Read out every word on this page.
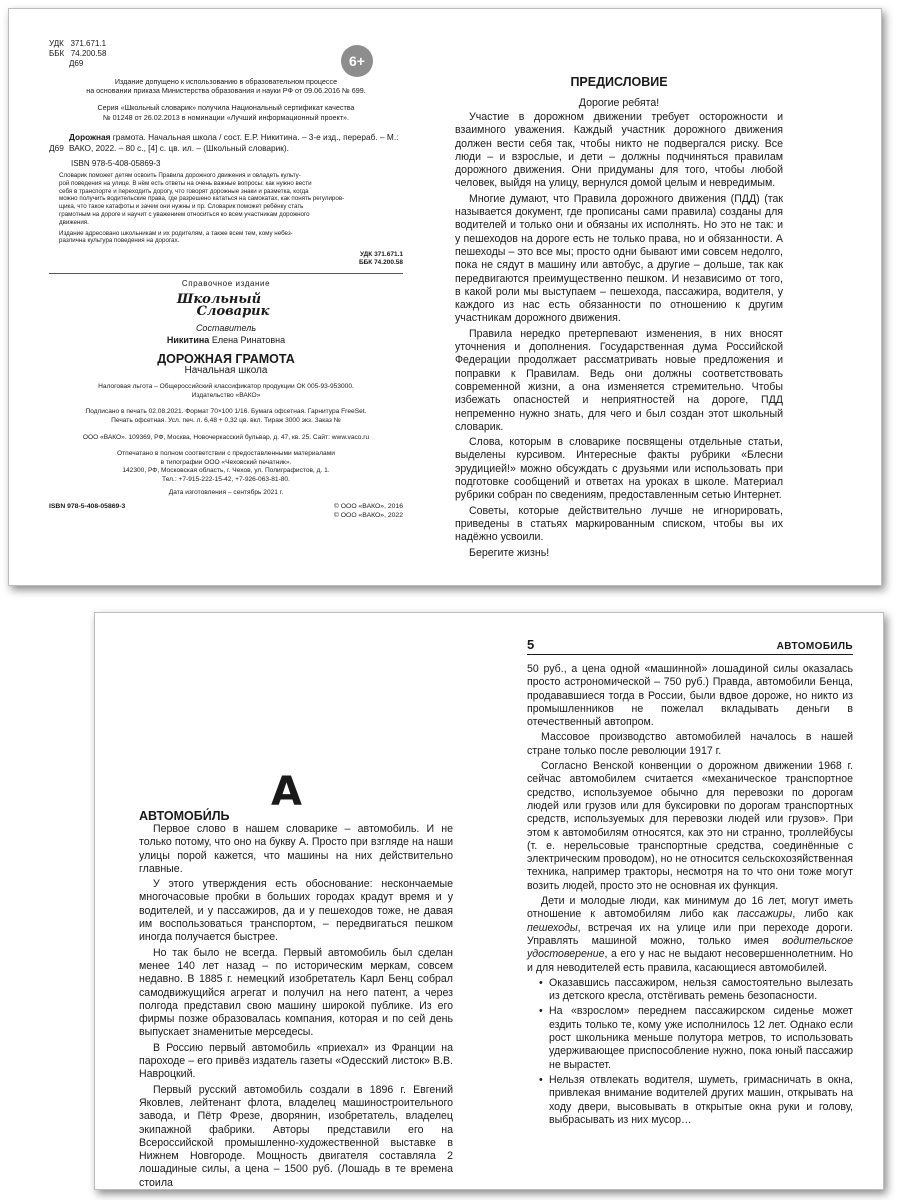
УДК   371.671.1
ББК   74.200.58
Д69	6+
Издание допущено к использованию в образовательном процессе
на основании приказа Министерства образования и науки РФ от 09.06.2016 № 699.
Серия «Школьный словарик» получила Национальный сертификат качества
№ 01248 от 26.02.2013 в номинации «Лучший информационный проект».
Д69
Дорожная грамота. Начальная школа / сост. Е.Р. Никитина. – 3-е изд., перераб. – М.: ВАКО, 2022. – 80 с., [4] с. цв. ил. – (Школьный словарик).
ISBN 978-5-408-05869-3
Словарик поможет детям освоить Правила дорожного движения и овладеть культу-
рой поведения на улице. В нём есть ответы на очень важные вопросы: как нужно вести
себя в транспорте и переходить дорогу, что говорят дорожные знаки и разметка, когда
можно получить водительские права, где разрешено кататься на самокатах, как понять регулиров-
щика, что такое катафоты и зачем они нужны и пр. Словарик поможет ребёнку стать
грамотным на дороге и научит с уважением относиться ко всем участникам дорожного
движения.
Издание адресовано школьникам и их родителям, а также всем тем, кому небез-
различна культура поведения на дорогах.
УДК 371.671.1
ББК 74.200.58
Справочное издание
Школьный
Словарик
Составитель
Никитина Елена Ринатовна
ДОРОЖНАЯ ГРАМОТА
Начальная школа
Налоговая льгота – Общероссийский классификатор продукции ОК 005-93-953000.
Издательство «ВАКО»
Подписано в печать 02.08.2021. Формат 70×100 1/16. Бумага офсетная. Гарнитура FreeSet.
Печать офсетная. Усл. печ. л. 6,48 + 0,32 цв. вкл. Тираж 3000 экз. Заказ №
ООО «ВАКО». 109369, РФ, Москва, Новочеркасский бульвар, д. 47, кв. 25. Сайт: www.vaco.ru
Отпечатано в полном соответствии с предоставленными материалами
в типографии ООО «Чеховский печатник».
142300, РФ, Московская область, г. Чехов, ул. Полиграфистов, д. 1.
Тел.: +7-915-222-15-42, +7-926-063-81-80.
Дата изготовления – сентябрь 2021 г.
ISBN 978-5-408-05869-3	© ООО «ВАКО», 2016
© ООО «ВАКО», 2022
ПРЕДИСЛОВИЕ
Дорогие ребята!

Участие в дорожном движении требует осторожности и взаимного уважения. Каждый участник дорожного движения должен вести себя так, чтобы никто не подвергался риску. Все люди – и взрослые, и дети – должны подчиняться правилам дорожного движения. Они придуманы для того, чтобы любой человек, выйдя на улицу, вернулся домой целым и невредимым.

Многие думают, что Правила дорожного движения (ПДД) (так называется документ, где прописаны сами правила) созданы для водителей и только они и обязаны их исполнять. Но это не так: и у пешеходов на дороге есть не только права, но и обязанности. А пешеходы – это все мы; просто одни бывают ими совсем недолго, пока не сядут в машину или автобус, а другие – дольше, так как передвигаются преимущественно пешком. И независимо от того, в какой роли мы выступаем – пешехода, пассажира, водителя, у каждого из нас есть обязанности по отношению к другим участникам дорожного движения.

Правила нередко претерпевают изменения, в них вносят уточнения и дополнения. Государственная дума Российской Федерации продолжает рассматривать новые предложения и поправки к Правилам. Ведь они должны соответствовать современной жизни, а она изменяется стремительно. Чтобы избежать опасностей и неприятностей на дороге, ПДД непременно нужно знать, для чего и был создан этот школьный словарик.

Слова, которым в словарике посвящены отдельные статьи, выделены курсивом. Интересные факты рубрики «Блесни эрудицией!» можно обсуждать с друзьями или использовать при подготовке сообщений и ответах на уроках в школе. Материал рубрики собран по сведениям, предоставленным сетью Интернет.

Советы, которые действительно лучше не игнорировать, приведены в статьях маркированным списком, чтобы вы их надёжно усвоили.

Берегите жизнь!

А
АВТОМОБИ́ЛЬ

Первое слово в нашем словарике – автомобиль. И не только потому, что оно на букву А. Просто при взгляде на наши улицы порой кажется, что машины на них действительно главные.

У этого утверждения есть обоснование: нескончаемые многочасовые пробки в больших городах крадут время и у водителей, и у пассажиров, да и у пешеходов тоже, не давая им воспользоваться транспортом, – передвигаться пешком иногда получается быстрее.

Но так было не всегда. Первый автомобиль был сделан менее 140 лет назад – по историческим меркам, совсем недавно. В 1885 г. немецкий изобретатель Карл Бенц собрал самодвижущийся агрегат и получил на него патент, а через полгода представил свою машину широкой публике. Из его фирмы позже образовалась компания, которая и по сей день выпускает знаменитые мерседесы.

В Россию первый автомобиль «приехал» из Франции на пароходе – его привёз издатель газеты «Одесский листок» В.В. Навроцкий.

Первый русский автомобиль создали в 1896 г. Евгений Яковлев, лейтенант флота, владелец машиностроительного завода, и Пётр Фрезе, дворянин, изобретатель, владелец экипажной фабрики. Авторы представили его на Всероссийской промышленно-художественной выставке в Нижнем Новгороде. Мощность двигателя составляла 2 лошадиные силы, а цена – 1500 руб. (Лошадь в те времена стоила

5	АВТОМОБИЛЬ

50 руб., а цена одной «машинной» лошадиной силы оказалась просто астрономической – 750 руб.) Правда, автомобили Бенца, продававшиеся тогда в России, были вдвое дороже, но никто из промышленников не пожелал вкладывать деньги в отечественный автопром.

Массовое производство автомобилей началось в нашей стране только после революции 1917 г.

Согласно Венской конвенции о дорожном движении 1968 г. сейчас автомобилем считается «механическое транспортное средство, используемое обычно для перевозки по дорогам людей или грузов или для буксировки по дорогам транспортных средств, используемых для перевозки людей или грузов». При этом к автомобилям относятся, как это ни странно, троллейбусы (т. е. нерельсовые транспортные средства, соединённые с электрическим проводом), но не относится сельскохозяйственная техника, например тракторы, несмотря на то что они тоже могут возить людей, просто это не основная их функция.

Дети и молодые люди, как минимум до 16 лет, могут иметь отношение к автомобилям либо как пассажиры, либо как пешеходы, встречая их на улице или при переходе дороги. Управлять машиной можно, только имея водительское удостоверение, а его у нас не выдают несовершеннолетним. Но и для неводителей есть правила, касающиеся автомобилей.

• Оказавшись пассажиром, нельзя самостоятельно вылезать из детского кресла, отстёгивать ремень безопасности.
• На «взрослом» переднем пассажирском сиденье может ездить только те, кому уже исполнилось 12 лет. Однако если рост школьника меньше полутора метров, то использовать удерживающее приспособление нужно, пока юный пассажир не вырастет.
• Нельзя отвлекать водителя, шуметь, гримасничать в окна, привлекая внимание водителей других машин, открывать на ходу двери, высовывать в открытые окна руки и голову, выбрасывать из них мусор…
